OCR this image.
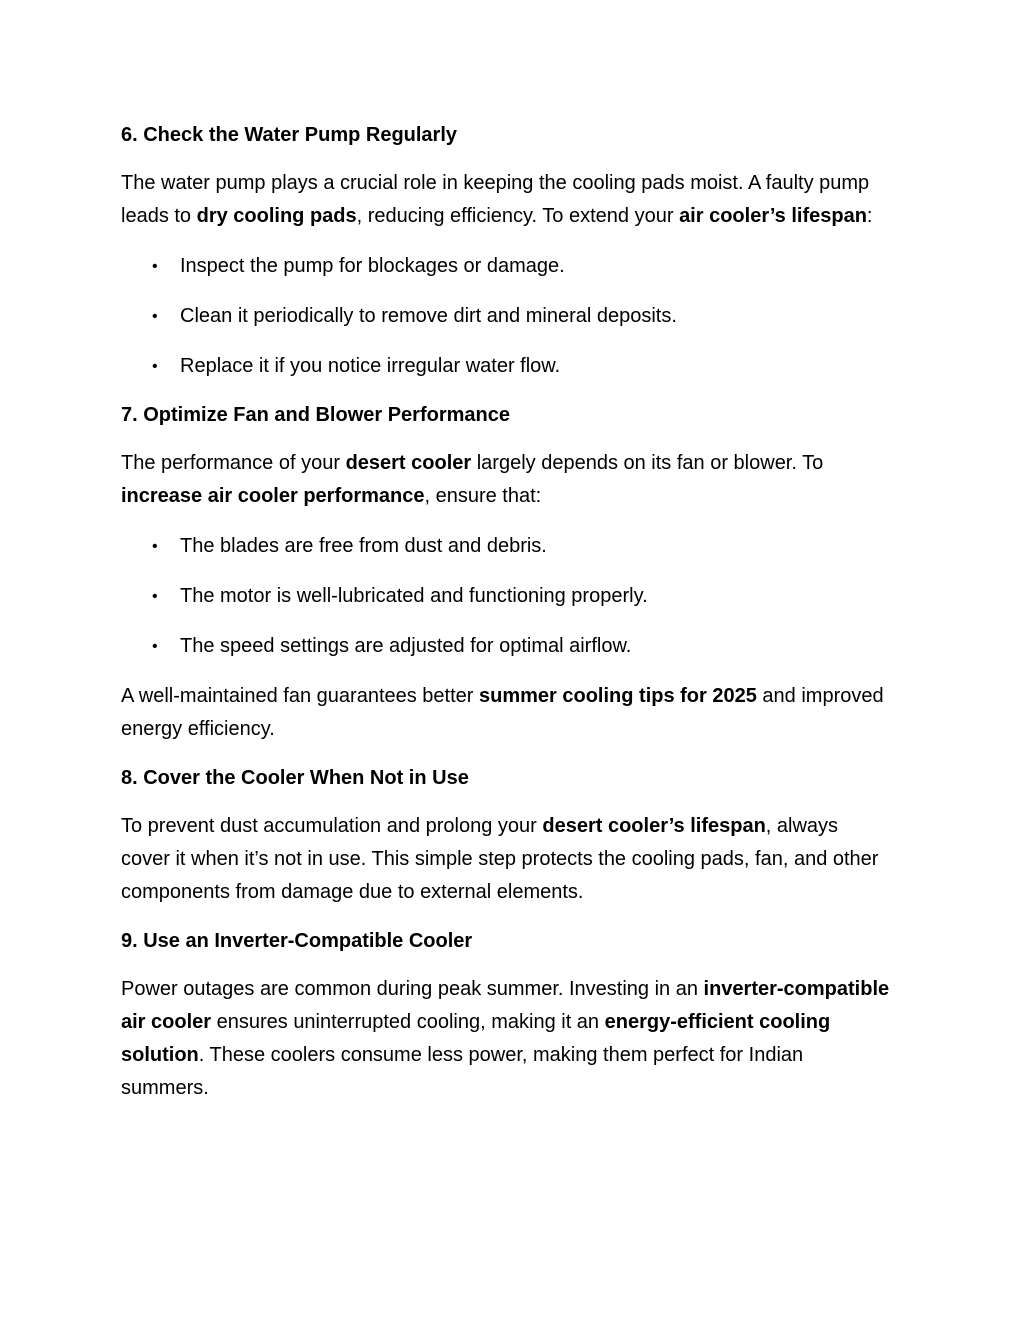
6. Check the Water Pump Regularly

The water pump plays a crucial role in keeping the cooling pads moist. A faulty pump leads to dry cooling pads, reducing efficiency. To extend your air cooler’s lifespan:

• Inspect the pump for blockages or damage.
• Clean it periodically to remove dirt and mineral deposits.
• Replace it if you notice irregular water flow.
7. Optimize Fan and Blower Performance

The performance of your desert cooler largely depends on its fan or blower. To increase air cooler performance, ensure that:

• The blades are free from dust and debris.
• The motor is well-lubricated and functioning properly.
• The speed settings are adjusted for optimal airflow.

A well-maintained fan guarantees better summer cooling tips for 2025 and improved energy efficiency.

8. Cover the Cooler When Not in Use

To prevent dust accumulation and prolong your desert cooler’s lifespan, always cover it when it’s not in use. This simple step protects the cooling pads, fan, and other components from damage due to external elements.

9. Use an Inverter-Compatible Cooler

Power outages are common during peak summer. Investing in an inverter-compatible air cooler ensures uninterrupted cooling, making it an energy-efficient cooling solution. These coolers consume less power, making them perfect for Indian summers.
